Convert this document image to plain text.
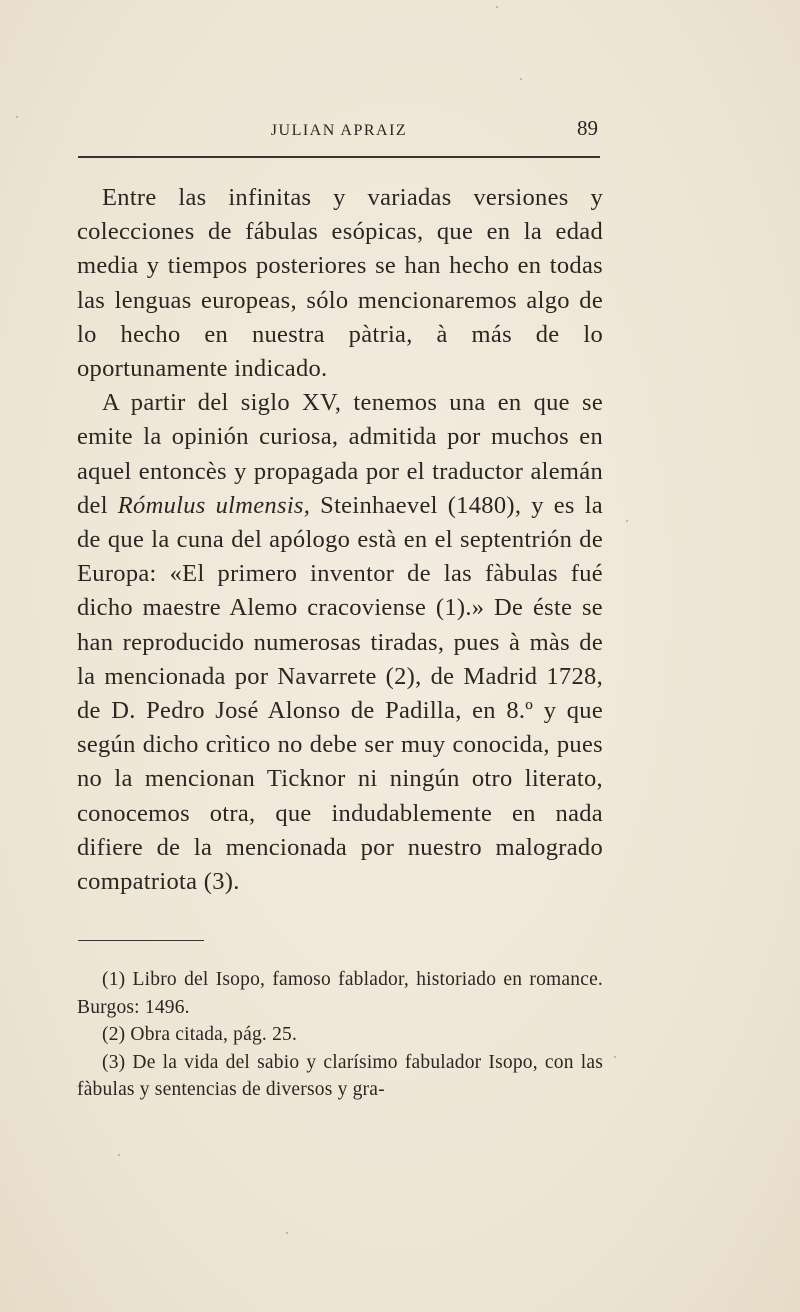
JULIAN APRAIZ	89

Entre las infinitas y variadas versiones y colecciones de fábulas esópicas, que en la edad media y tiempos posteriores se han hecho en todas las lenguas europeas, sólo mencionaremos algo de lo hecho en nuestra pàtria, à más de lo oportunamente indicado.

A partir del siglo XV, tenemos una en que se emite la opinión curiosa, admitida por muchos en aquel entoncès y propagada por el traductor alemán del Rómulus ulmensis, Steinhaevel (1480), y es la de que la cuna del apólogo està en el septentrión de Europa: «El primero inventor de las fàbulas fué dicho maestre Alemo cracoviense (1).» De éste se han reproducido numerosas tiradas, pues à màs de la mencionada por Navarrete (2), de Madrid 1728, de D. Pedro José Alonso de Padilla, en 8.º y que según dicho crìtico no debe ser muy conocida, pues no la mencionan Ticknor ni ningún otro literato, conocemos otra, que indudablemente en nada difiere de la mencionada por nuestro malogrado compatriota (3).

(1) Libro del Isopo, famoso fablador, historiado en romance. Burgos: 1496.

(2) Obra citada, pág. 25.

(3) De la vida del sabio y clarísimo fabulador Isopo, con las fàbulas y sentencias de diversos y gra-
